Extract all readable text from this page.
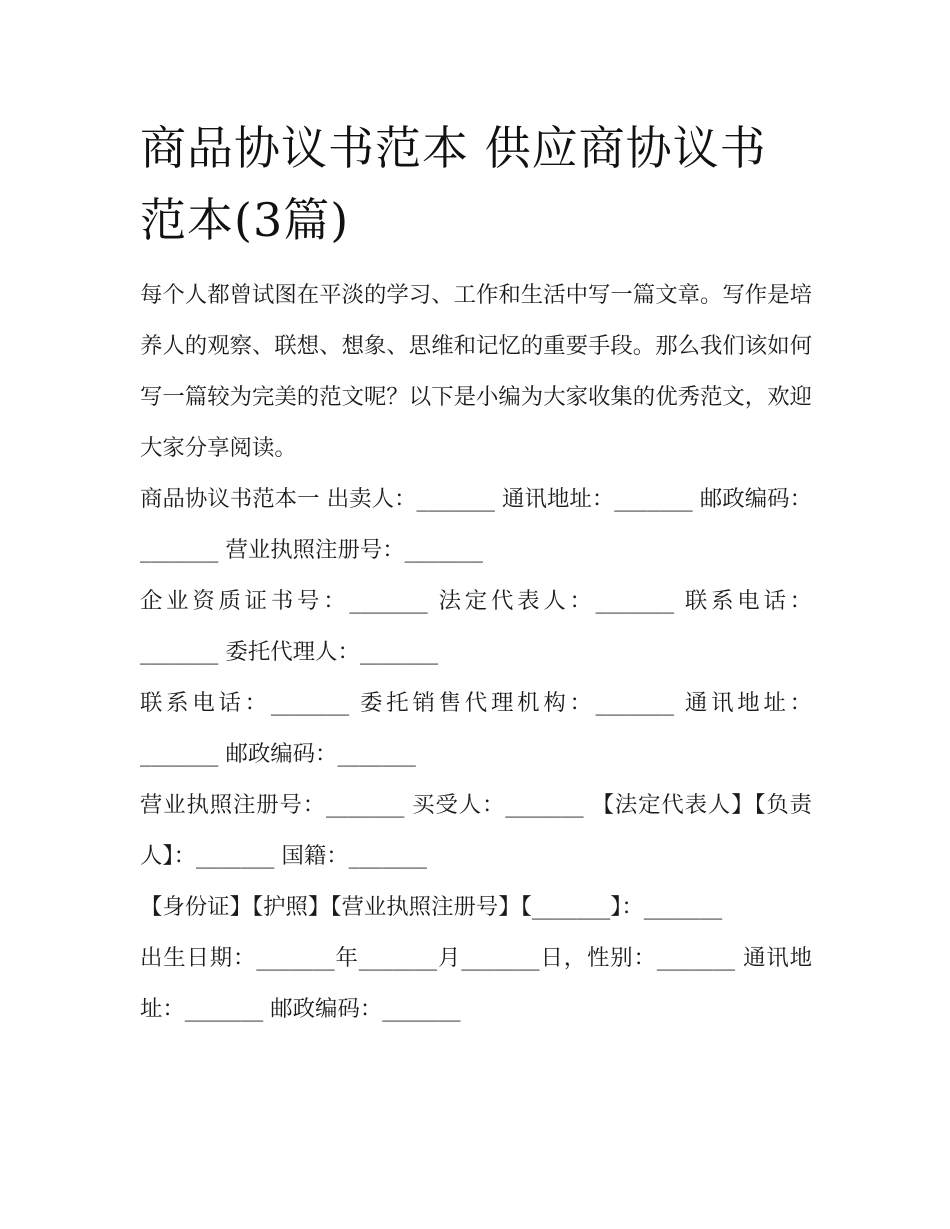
商品协议书范本 供应商协议书范本(3篇)

每个人都曾试图在平淡的学习、工作和生活中写一篇文章。写作是培养人的观察、联想、想象、思维和记忆的重要手段。那么我们该如何写一篇较为完美的范文呢？以下是小编为大家收集的优秀范文，欢迎大家分享阅读。

商品协议书范本一 出卖人：_______ 通讯地址：_______ 邮政编码：_______ 营业执照注册号：_______

企业资质证书号：_______ 法定代表人：_______ 联系电话：_______ 委托代理人：_______

联系电话：_______ 委托销售代理机构：_______ 通讯地址：_______ 邮政编码：_______

营业执照注册号：_______ 买受人：_______ 【法定代表人】【负责人】：_______ 国籍：_______

【身份证】【护照】【营业执照注册号】【_______】：_______

出生日期：_______年_______月_______日，性别：_______ 通讯地址：_______ 邮政编码：_______
